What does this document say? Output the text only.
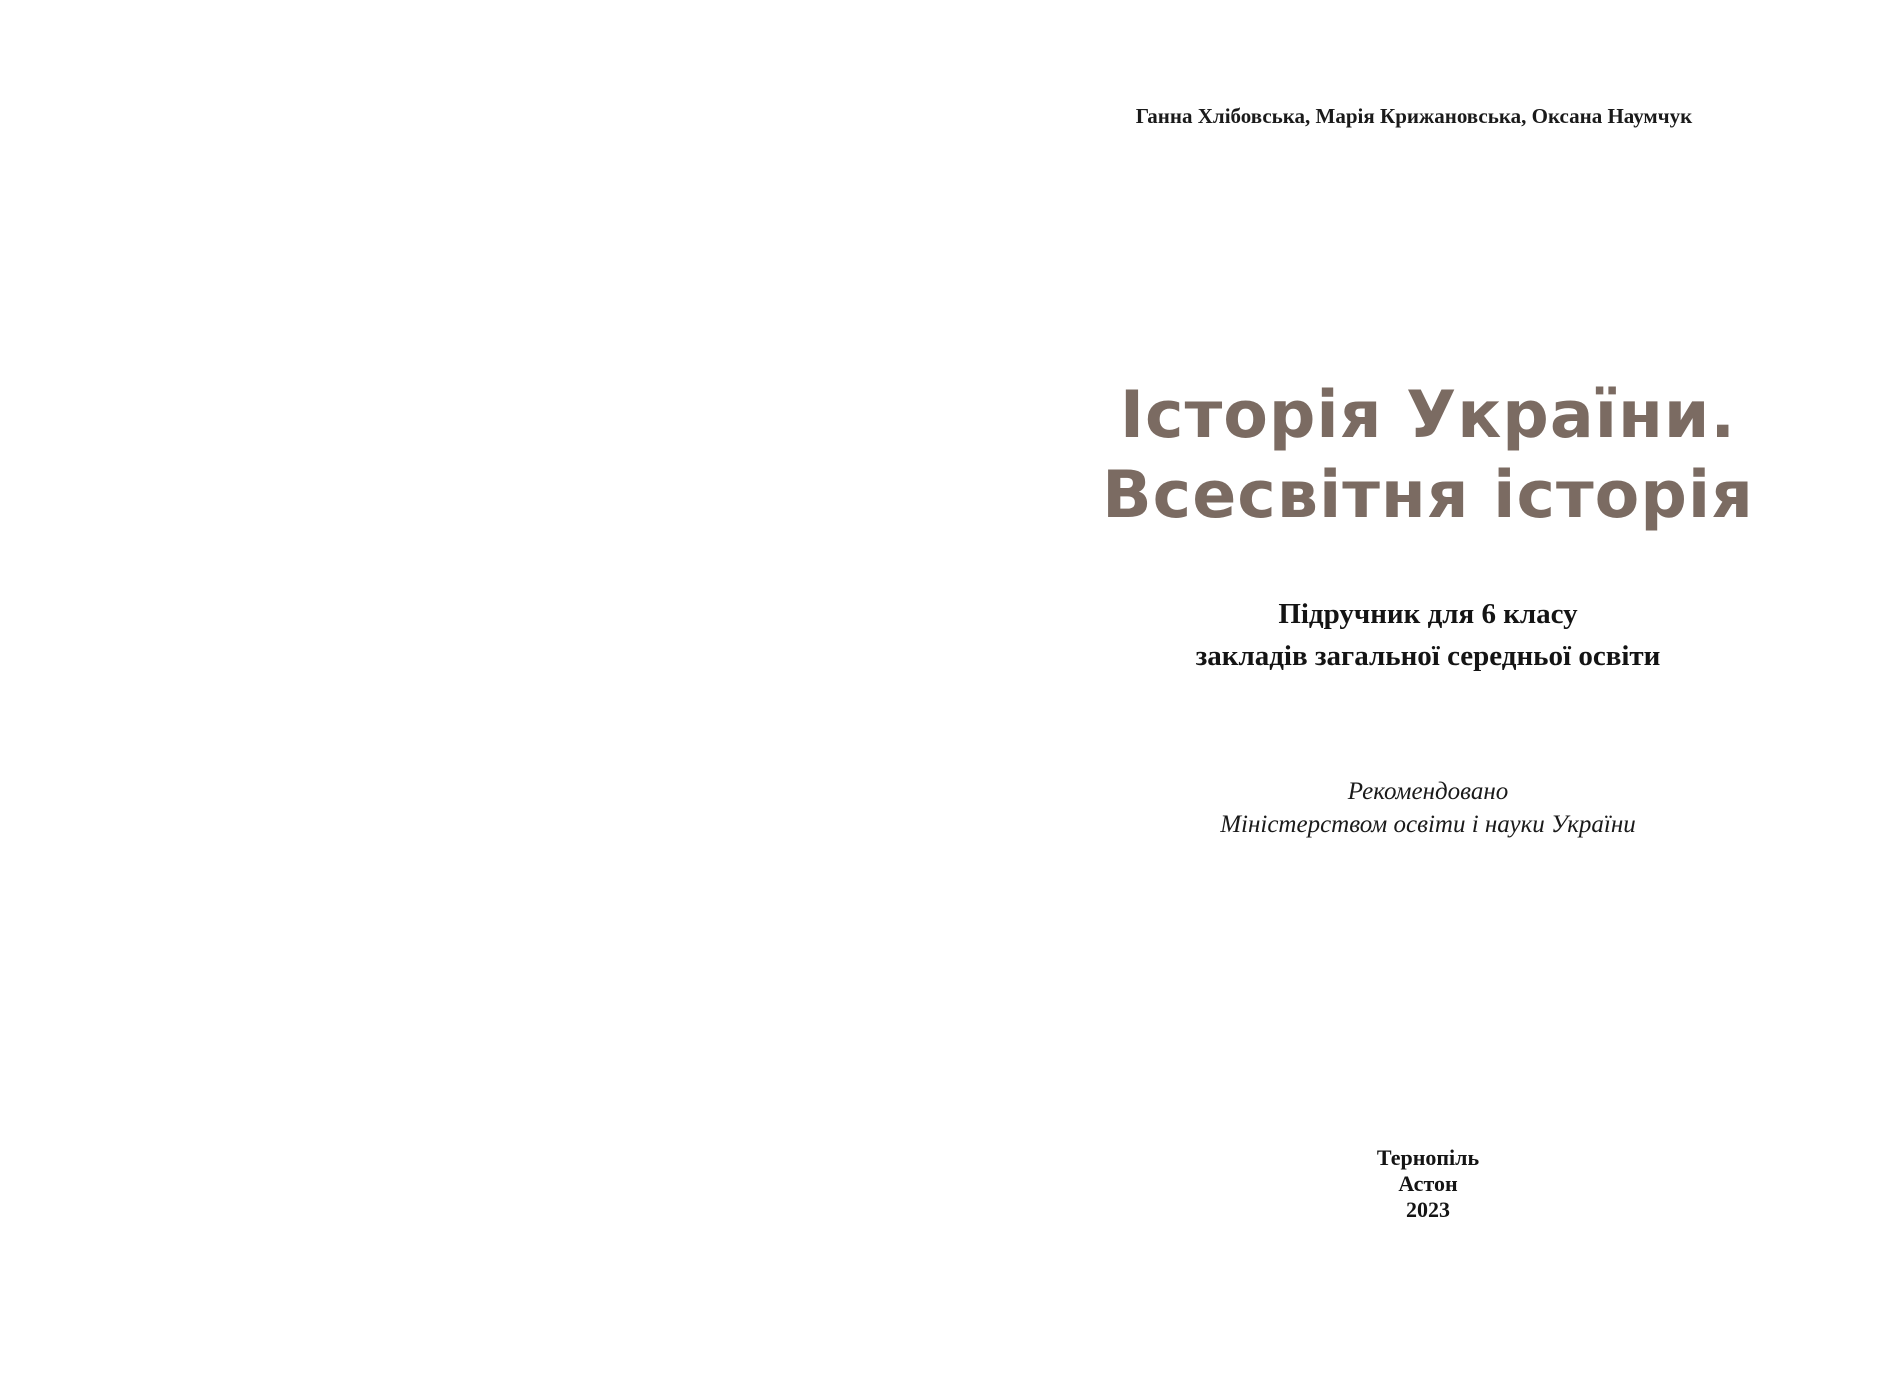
Ганна Хлібовська, Марія Крижановська, Оксана Наумчук
Історія України.
Всесвітня історія
Підручник для 6 класу
закладів загальної середньої освіти
Рекомендовано
Міністерством освіти і науки України
Тернопіль
Астон
2023
